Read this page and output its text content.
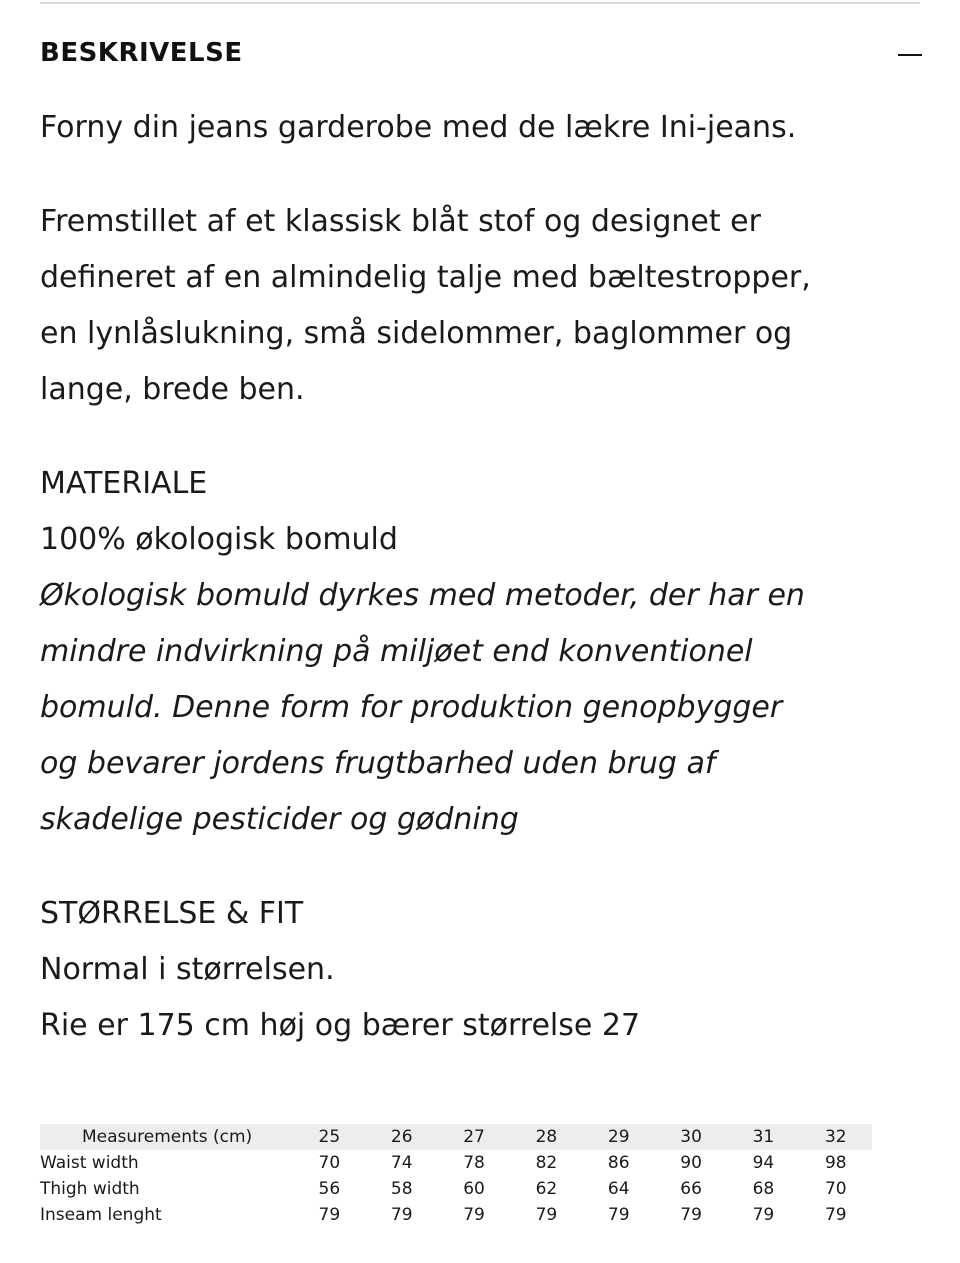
BESKRIVELSE

Forny din jeans garderobe med de lækre Ini-jeans.

Fremstillet af et klassisk blåt stof og designet er

defineret af en almindelig talje med bæltestropper,

en lynlåslukning, små sidelommer, baglommer og

lange, brede ben.

MATERIALE

100% økologisk bomuld

Økologisk bomuld dyrkes med metoder, der har en

mindre indvirkning på miljøet end konventionel

bomuld. Denne form for produktion genopbygger

og bevarer jordens frugtbarhed uden brug af

skadelige pesticider og gødning

STØRRELSE & FIT

Normal i størrelsen.

Rie er 175 cm høj og bærer størrelse 27

Measurements (cm)	25	26	27	28	29	30	31	32
Waist width	70	74	78	82	86	90	94	98
Thigh width	56	58	60	62	64	66	68	70
Inseam lenght	79	79	79	79	79	79	79	79
